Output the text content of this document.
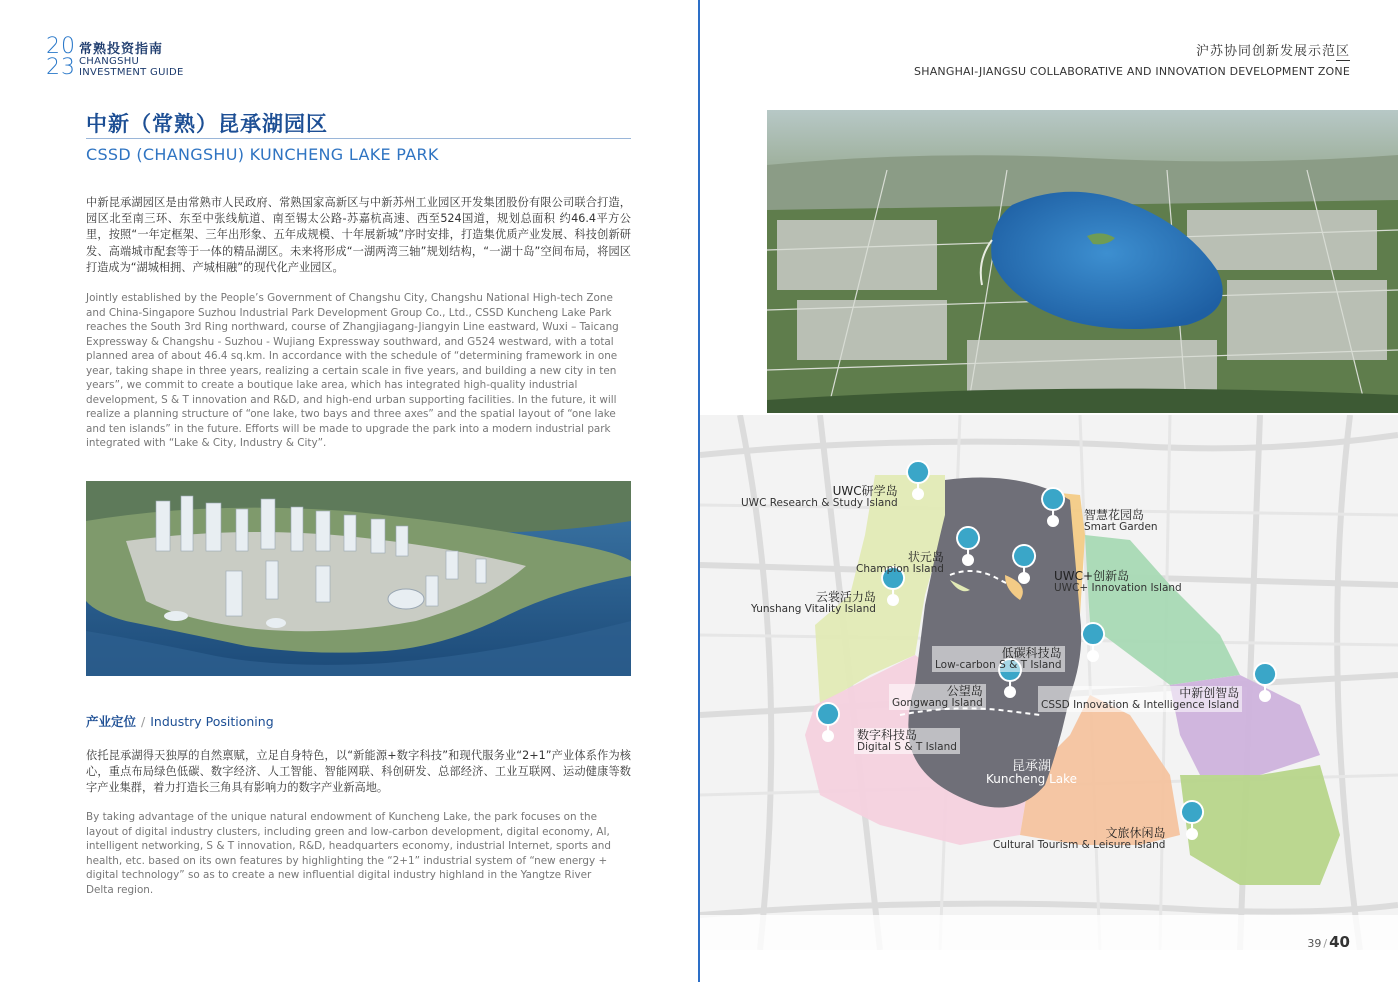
20
23
常熟投资指南
CHANGSHU
INVESTMENT GUIDE
中新（常熟）昆承湖园区
CSSD (CHANGSHU) KUNCHENG LAKE PARK
中新昆承湖园区是由常熟市人民政府、常熟国家高新区与中新苏州工业园区开发集团股份有限公司联合打造，园区北至南三环、东至中张线航道、南至锡太公路-苏嘉杭高速、西至524国道，规划总面积 约46.4平方公里，按照“一年定框架、三年出形象、五年成规模、十年展新城”序时安排，打造集优质产业发展、科技创新研发、高端城市配套等于一体的精品湖区。未来将形成“一湖两湾三轴”规划结构，“一湖十岛”空间布局，将园区打造成为“湖城相拥、产城相融”的现代化产业园区。
Jointly established by the People’s Government of Changshu City, Changshu National High-tech Zone and China-Singapore Suzhou Industrial Park Development Group Co., Ltd., CSSD Kuncheng Lake Park reaches the South 3rd Ring northward, course of Zhangjiagang-Jiangyin Line eastward, Wuxi – Taicang Expressway & Changshu - Suzhou - Wujiang Expressway southward, and G524 westward, with a total planned area of about 46.4 sq.km. In accordance with the schedule of “determining framework in one year, taking shape in three years, realizing a certain scale in five years, and building a new city in ten years”, we commit to create a boutique lake area, which has integrated high-quality industrial development, S & T innovation and R&D, and high-end urban supporting facilities. In the future, it will realize a planning structure of “one lake, two bays and three axes” and the spatial layout of “one lake and ten islands” in the future. Efforts will be made to upgrade the park into a modern industrial park integrated with “Lake & City, Industry & City”.
产业定位 / Industry Positioning
依托昆承湖得天独厚的自然禀赋，立足自身特色，以“新能源+数字科技”和现代服务业“2+1”产业体系作为核心，重点布局绿色低碳、数字经济、人工智能、智能网联、科创研发、总部经济、工业互联网、运动健康等数字产业集群，着力打造长三角具有影响力的数字产业新高地。
By taking advantage of the unique natural endowment of Kuncheng Lake, the park focuses on the layout of digital industry clusters, including green and low-carbon development, digital economy, AI, intelligent networking, S & T innovation, R&D, headquarters economy, industrial Internet, sports and health, etc. based on its own features by highlighting the “2+1” industrial system of “new energy + digital technology” so as to create a new influential digital industry highland in the Yangtze River Delta region.
沪苏协同创新发展示范区
SHANGHAI-JIANGSU COLLABORATIVE AND INNOVATION DEVELOPMENT ZONE
UWC研学岛
UWC Research & Study Island
智慧花园岛
Smart Garden
状元岛
Champion Island	UWC+创新岛
UWC+ Innovation Island
云裳活力岛
Yunshang Vitality Island
低碳科技岛
Low-carbon S & T Island
公望岛
Gongwang Island
中新创智岛
CSSD Innovation & Intelligence Island
数字科技岛
Digital S & T Island
文旅休闲岛
Cultural Tourism & Leisure Island
昆承湖
Kuncheng Lake
39 / 40
